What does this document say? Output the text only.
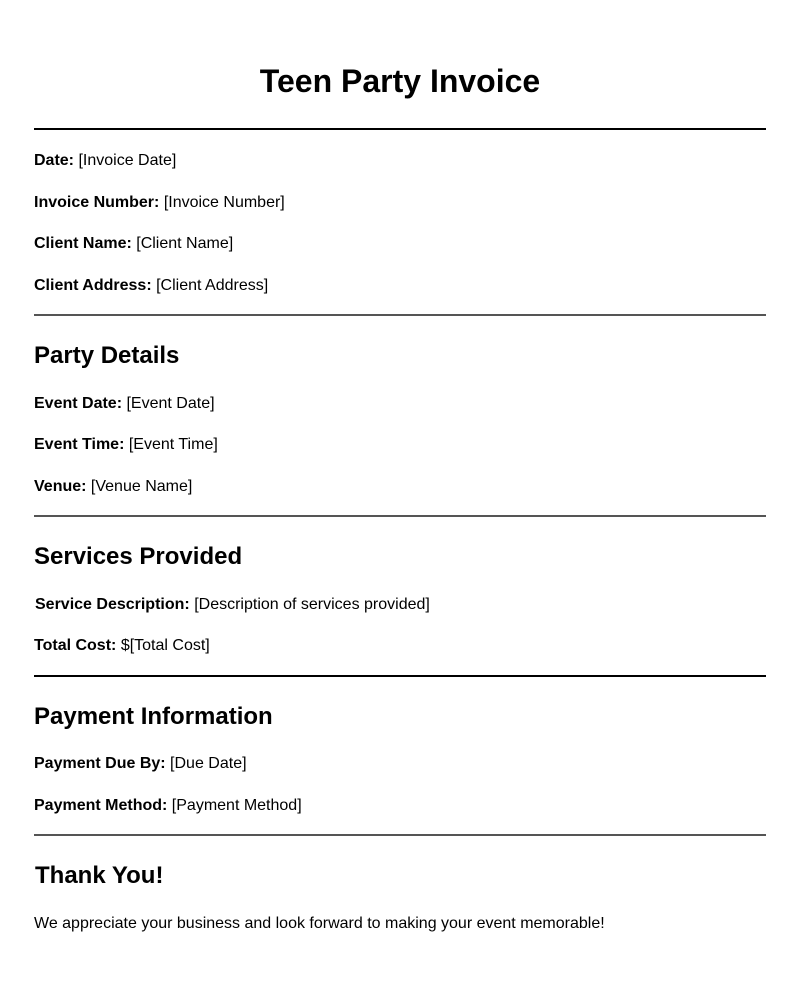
Teen Party Invoice
Date: [Invoice Date]
Invoice Number: [Invoice Number]
Client Name: [Client Name]
Client Address: [Client Address]
Party Details
Event Date: [Event Date]
Event Time: [Event Time]
Venue: [Venue Name]
Services Provided
Service Description: [Description of services provided]
Total Cost: $[Total Cost]
Payment Information
Payment Due By: [Due Date]
Payment Method: [Payment Method]
Thank You!
We appreciate your business and look forward to making your event memorable!
